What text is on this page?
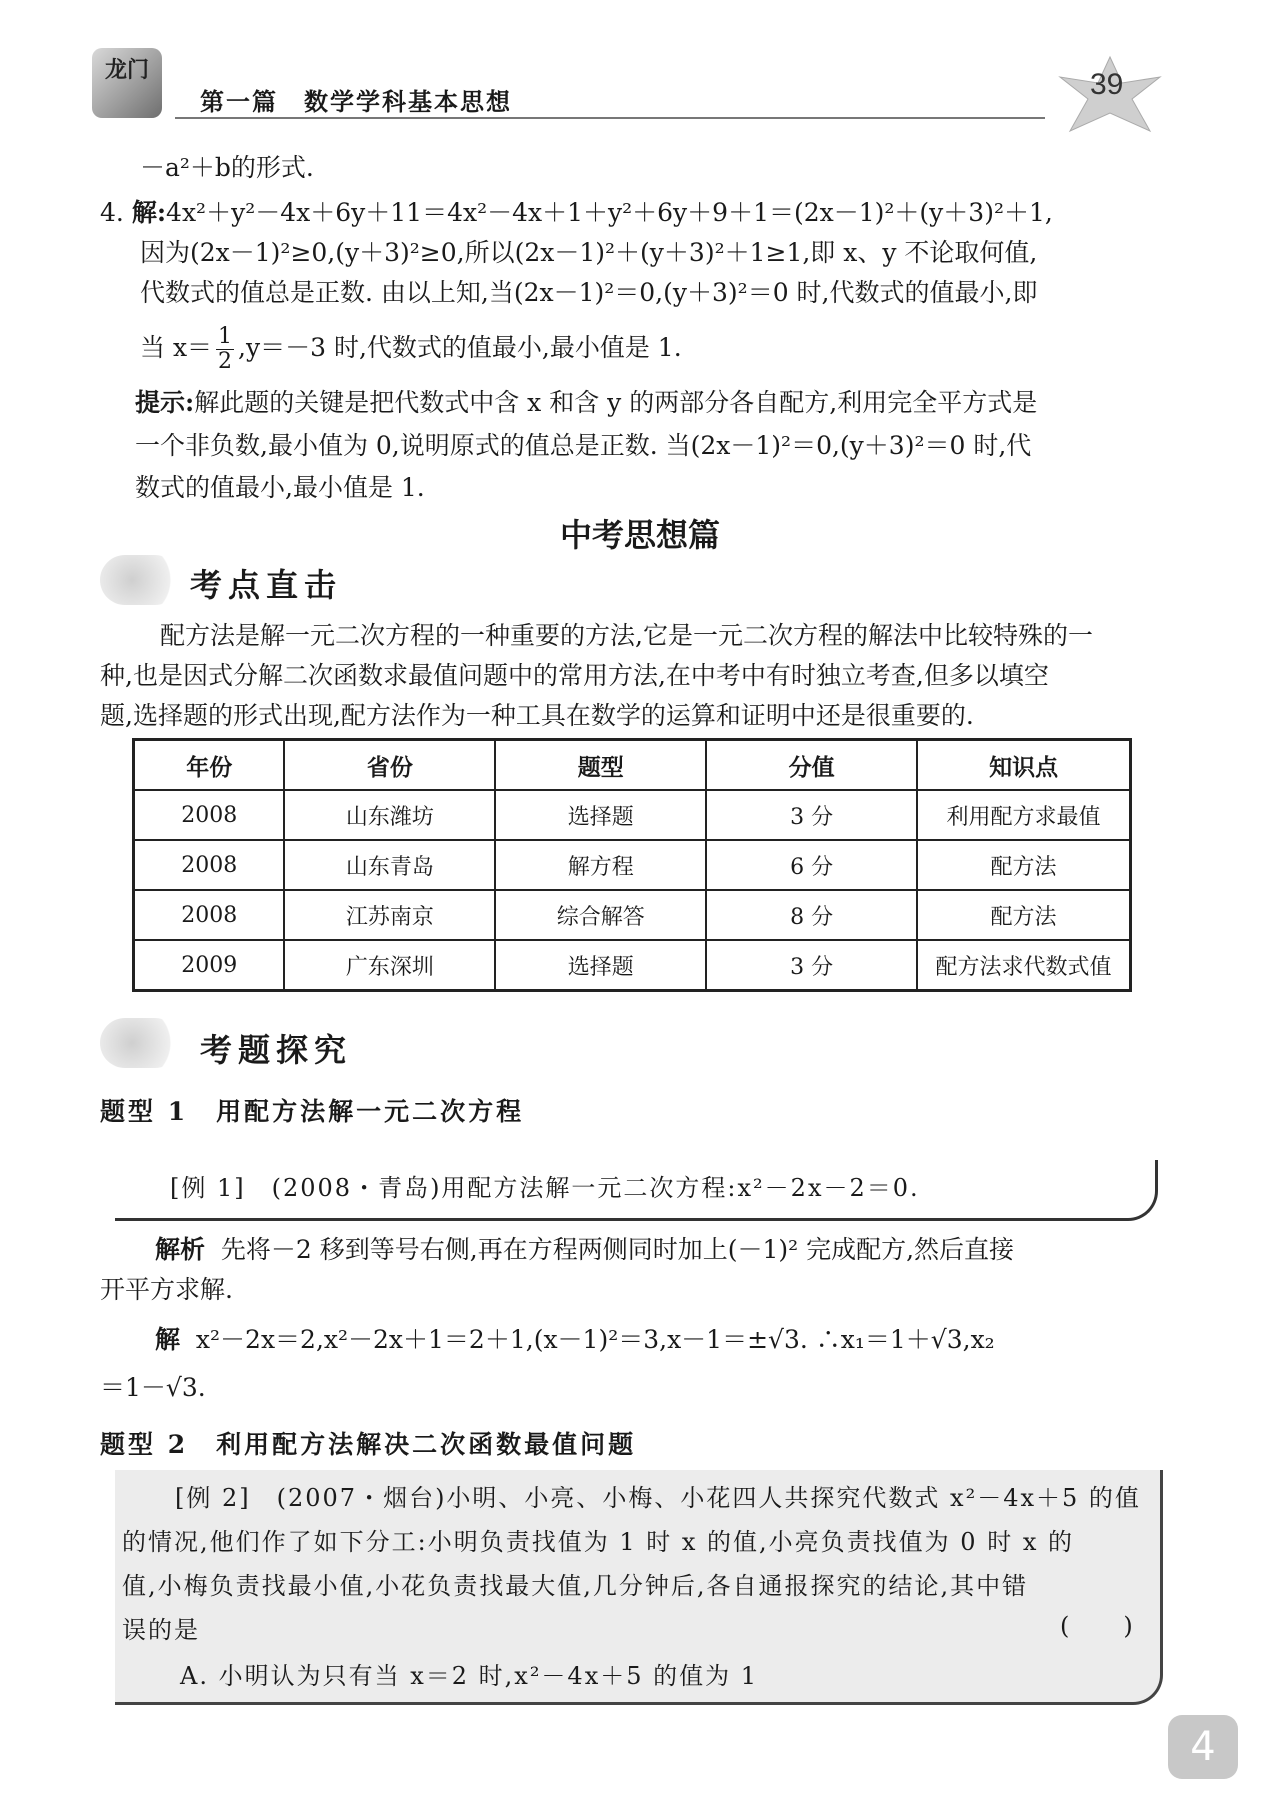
龙门
第一篇　数学学科基本思想
39
－a²＋b的形式.
4. 解:4x²＋y²－4x＋6y＋11＝4x²－4x＋1＋y²＋6y＋9＋1＝(2x－1)²＋(y＋3)²＋1,
因为(2x－1)²≥0,(y＋3)²≥0,所以(2x－1)²＋(y＋3)²＋1≥1,即 x、y 不论取何值,
代数式的值总是正数. 由以上知,当(2x－1)²＝0,(y＋3)²＝0 时,代数式的值最小,即
当 $x= \frac{1}{2} ,y=-3$ 时,代数式的值最小,最小值是 1.
提示:解此题的关键是把代数式中含 x 和含 y 的两部分各自配方,利用完全平方式是
一个非负数,最小值为 0,说明原式的值总是正数. 当(2x－1)²＝0,(y＋3)²＝0 时,代
数式的值最小,最小值是 1.
中考思想篇
考点直击
配方法是解一元二次方程的一种重要的方法,它是一元二次方程的解法中比较特殊的一
种,也是因式分解二次函数求最值问题中的常用方法,在中考中有时独立考查,但多以填空
题,选择题的形式出现,配方法作为一种工具在数学的运算和证明中还是很重要的.
年份	省份	题型	分值	知识点
2008	山东潍坊	选择题	3 分	利用配方求最值
2008	山东青岛	解方程	6 分	配方法
2008	江苏南京	综合解答	8 分	配方法
2009	广东深圳	选择题	3 分	配方法求代数式值
考题探究
题型 1　用配方法解一元二次方程
[例 1]　(2008・青岛)用配方法解一元二次方程:x²－2x－2＝0.
解析 先将－2 移到等号右侧,再在方程两侧同时加上(－1)² 完成配方,然后直接
开平方求解.
解 x²－2x＝2,x²－2x＋1＝2＋1,(x－1)²＝3,x－1＝±√3. ∴x₁＝1＋√3,x₂
＝1－√3.
题型 2　利用配方法解决二次函数最值问题
[例 2]　(2007・烟台)小明、小亮、小梅、小花四人共探究代数式 x²－4x＋5 的值
的情况,他们作了如下分工:小明负责找值为 1 时 x 的值,小亮负责找值为 0 时 x 的
值,小梅负责找最小值,小花负责找最大值,几分钟后,各自通报探究的结论,其中错
误的是	(　　)
A. 小明认为只有当 x＝2 时,x²－4x＋5 的值为 1
4
